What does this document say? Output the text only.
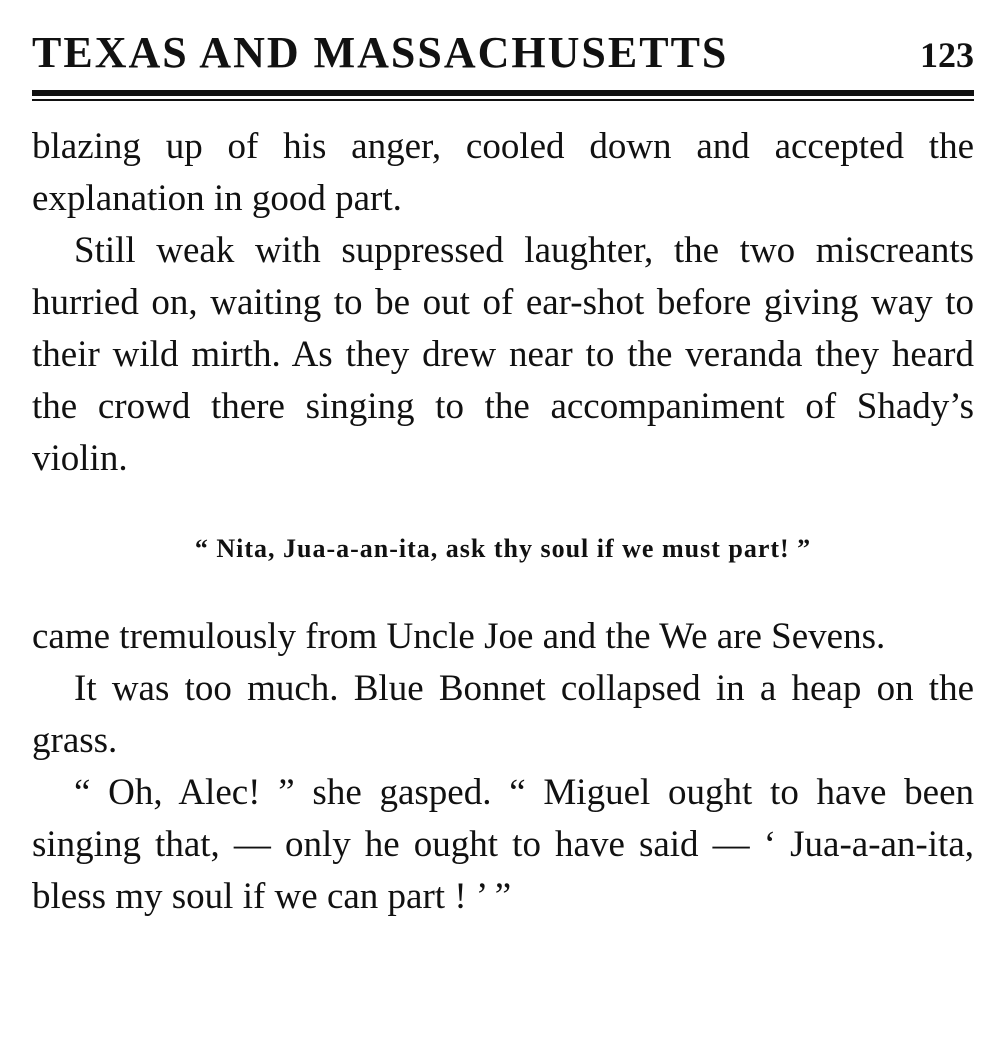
TEXAS AND MASSACHUSETTS	123

blazing up of his anger, cooled down and accepted the explanation in good part.

Still weak with suppressed laughter, the two miscreants hurried on, waiting to be out of ear-shot before giving way to their wild mirth. As they drew near to the veranda they heard the crowd there singing to the accompaniment of Shady’s violin.

“ Nita, Jua-a-an-ita, ask thy soul if we must part! ”

came tremulously from Uncle Joe and the We are Sevens.

It was too much. Blue Bonnet collapsed in a heap on the grass.

“ Oh, Alec! ” she gasped. “ Miguel ought to have been singing that, — only he ought to have said — ‘ Jua-a-an-ita, bless my soul if we can part ! ’ ”
